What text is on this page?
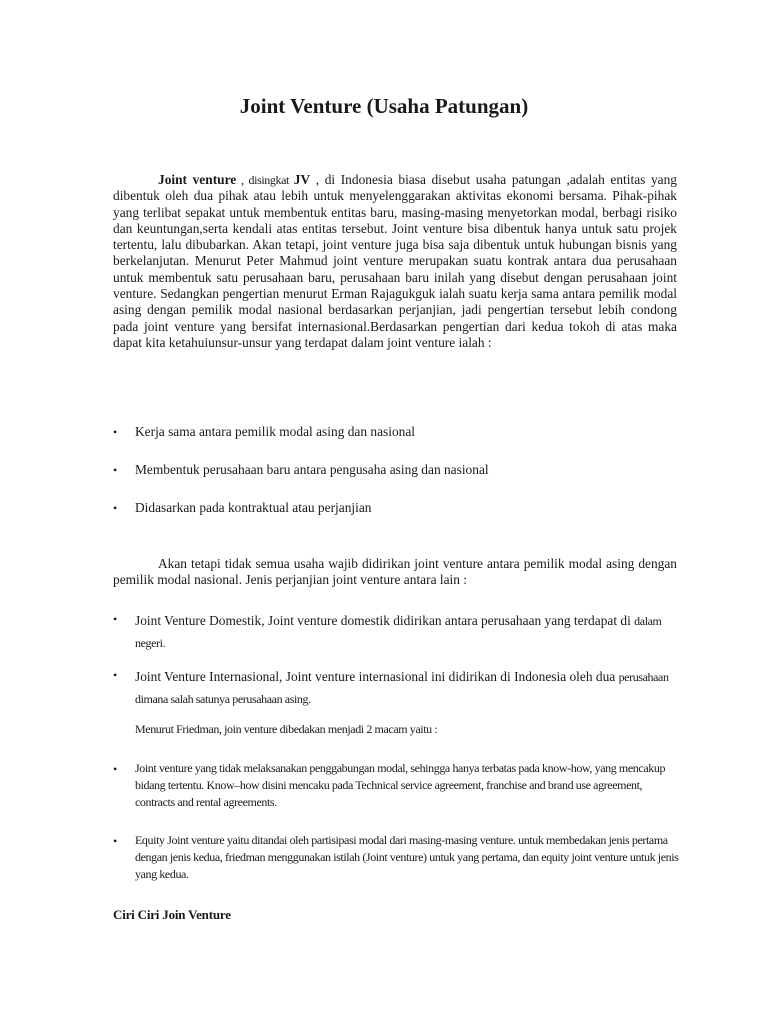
Joint Venture (Usaha Patungan)

Joint venture , disingkat JV , di Indonesia biasa disebut usaha patungan ,adalah entitas yang dibentuk oleh dua pihak atau lebih untuk menyelenggarakan aktivitas ekonomi bersama. Pihak-pihak yang terlibat sepakat untuk membentuk entitas baru, masing-masing menyetorkan modal, berbagi risiko dan keuntungan,serta kendali atas entitas tersebut. Joint venture bisa dibentuk hanya untuk satu projek tertentu, lalu dibubarkan. Akan tetapi, joint venture juga bisa saja dibentuk untuk hubungan bisnis yang berkelanjutan. Menurut Peter Mahmud joint venture merupakan suatu kontrak antara dua perusahaan untuk membentuk satu perusahaan baru, perusahaan baru inilah yang disebut dengan perusahaan joint venture. Sedangkan pengertian menurut Erman Rajagukguk ialah suatu kerja sama antara pemilik modal asing dengan pemilik modal nasional berdasarkan perjanjian, jadi pengertian tersebut lebih condong pada joint venture yang bersifat internasional.Berdasarkan pengertian dari kedua tokoh di atas maka dapat kita ketahuiunsur-unsur yang terdapat dalam joint venture ialah :

•	Kerja sama antara pemilik modal asing dan nasional
•	Membentuk perusahaan baru antara pengusaha asing dan nasional
•	Didasarkan pada kontraktual atau perjanjian

Akan tetapi tidak semua usaha wajib didirikan joint venture antara pemilik modal asing dengan pemilik modal nasional. Jenis perjanjian joint venture antara lain :

•	Joint Venture Domestik, Joint venture domestik didirikan antara perusahaan yang terdapat di dalam negeri.
•	Joint Venture Internasional, Joint venture internasional ini didirikan di Indonesia oleh dua perusahaan dimana salah satunya perusahaan asing.

Menurut Friedman, join venture dibedakan menjadi 2 macam yaitu :

•	Joint venture yang tidak melaksanakan penggabungan modal, sehingga hanya terbatas pada know-how, yang mencakup bidang tertentu. Know–how disini mencaku pada Technical service agreement, franchise and brand use agreement, contracts and rental agreements.
•	Equity Joint venture yaitu ditandai oleh partisipasi modal dari masing-masing venture. untuk membedakan jenis pertama dengan jenis kedua, friedman menggunakan istilah (Joint venture) untuk yang pertama, dan equity joint venture untuk jenis yang kedua.
Ciri Ciri Join Venture
